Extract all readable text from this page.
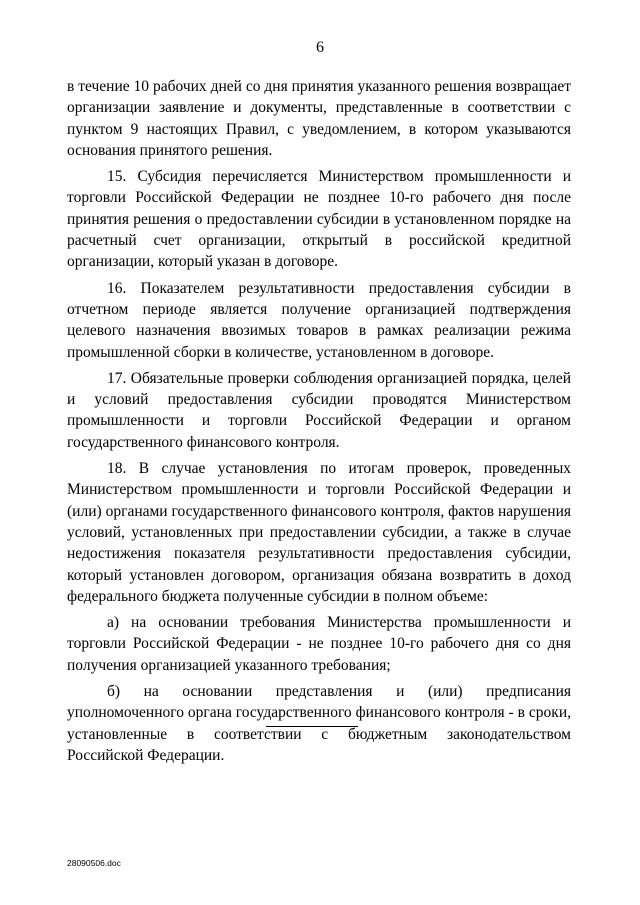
6

в течение 10 рабочих дней со дня принятия указанного решения возвращает организации заявление и документы, представленные в соответствии с пунктом 9 настоящих Правил, с уведомлением, в котором указываются основания принятого решения.

15. Субсидия перечисляется Министерством промышленности и торговли Российской Федерации не позднее 10-го рабочего дня после принятия решения о предоставлении субсидии в установленном порядке на расчетный счет организации, открытый в российской кредитной организации, который указан в договоре.

16. Показателем результативности предоставления субсидии в отчетном периоде является получение организацией подтверждения целевого назначения ввозимых товаров в рамках реализации режима промышленной сборки в количестве, установленном в договоре.

17. Обязательные проверки соблюдения организацией порядка, целей и условий предоставления субсидии проводятся Министерством промышленности и торговли Российской Федерации и органом государственного финансового контроля.

18. В случае установления по итогам проверок, проведенных Министерством промышленности и торговли Российской Федерации и (или) органами государственного финансового контроля, фактов нарушения условий, установленных при предоставлении субсидии, а также в случае недостижения показателя результативности предоставления субсидии, который установлен договором, организация обязана возвратить в доход федерального бюджета полученные субсидии в полном объеме:

а) на основании требования Министерства промышленности и торговли Российской Федерации - не позднее 10-го рабочего дня со дня получения организацией указанного требования;

б) на основании представления и (или) предписания уполномоченного органа государственного финансового контроля - в сроки, установленные в соответствии с бюджетным законодательством Российской Федерации.

28090506.doc
